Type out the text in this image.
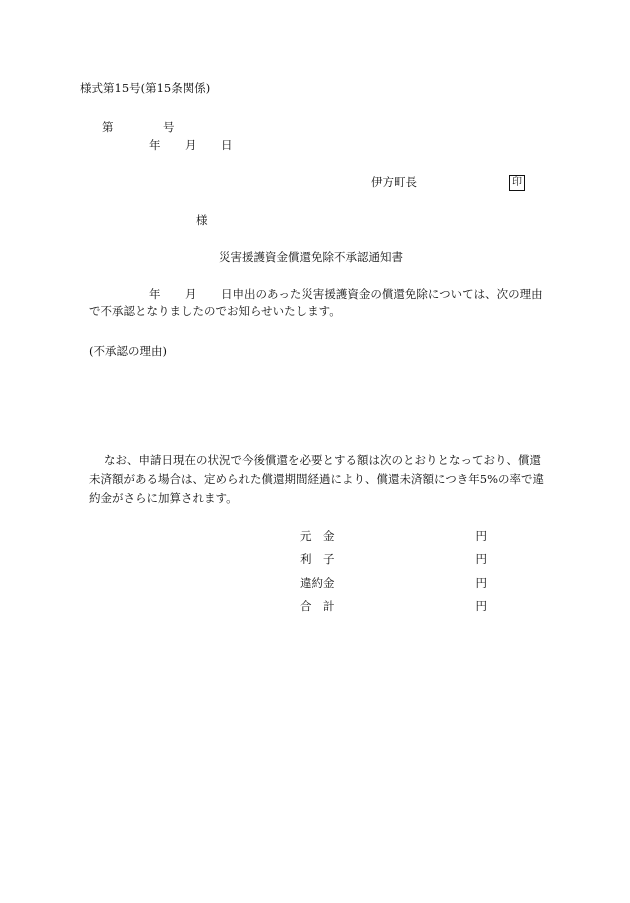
様式第15号(第15条関係)
第	号
年 月 日
伊方町長	印
様
災害援護資金償還免除不承認通知書
年 月 日申出のあった災害援護資金の償還免除については、次の理由
で不承認となりましたのでお知らせいたします。
(不承認の理由)
なお、申請日現在の状況で今後償還を必要とする額は次のとおりとなっており、償還
未済額がある場合は、定められた償還期間経過により、償還未済額につき年5%の率で違
約金がさらに加算されます。
元　金	円
利　子	円
違約金	円
合　計	円
